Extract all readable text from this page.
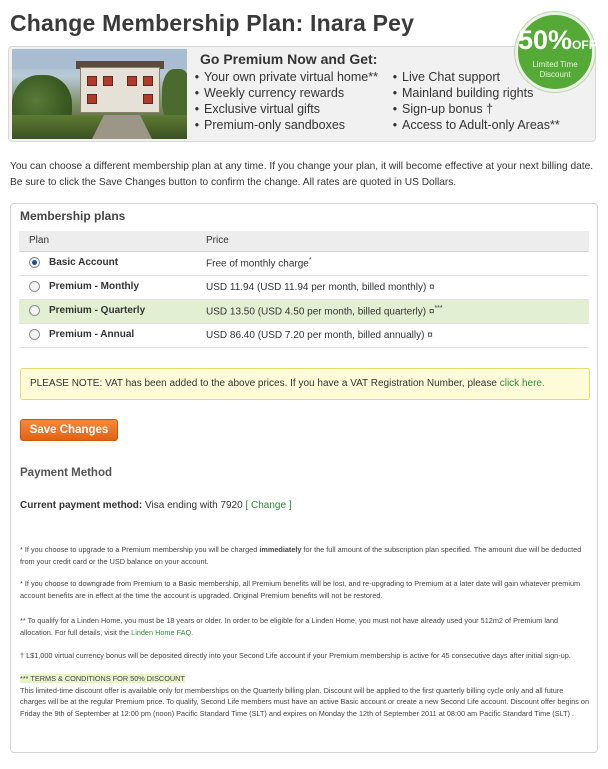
Change Membership Plan: Inara Pey
Go Premium Now and Get:
• Your own private virtual home**
• Weekly currency rewards
• Exclusive virtual gifts
• Premium-only sandboxes
• Live Chat support
• Mainland building rights
• Sign-up bonus †
• Access to Adult-only Areas**
50%OFF
Limited Time
Discount

You can choose a different membership plan at any time. If you change your plan, it will become effective at your next billing date. Be sure to click the Save Changes button to confirm the change. All rates are quoted in US Dollars.

Membership plans
Plan	Price
Basic Account	Free of monthly charge*
Premium - Monthly	USD 11.94 (USD 11.94 per month, billed monthly) ¤
Premium - Quarterly	USD 13.50 (USD 4.50 per month, billed quarterly) ¤***
Premium - Annual	USD 86.40 (USD 7.20 per month, billed annually) ¤
PLEASE NOTE: VAT has been added to the above prices. If you have a VAT Registration Number, please click here.
Save Changes
Payment Method
Current payment method: Visa ending with 7920 [ Change ]

* If you choose to upgrade to a Premium membership you will be charged immediately for the full amount of the subscription plan specified. The amount due will be deducted from your credit card or the USD balance on your account.

* If you choose to downgrade from Premium to a Basic membership, all Premium benefits will be lost, and re-upgrading to Premium at a later date will gain whatever premium account benefits are in effect at the time the account is upgraded. Original Premium benefits will not be restored.

** To qualify for a Linden Home, you must be 18 years or older. In order to be eligible for a Linden Home, you must not have already used your 512m2 of Premium land allocation. For full details, visit the Linden Home FAQ.

† L$1,000 virtual currency bonus will be deposited directly into your Second Life account if your Premium membership is active for 45 consecutive days after initial sign-up.

*** TERMS & CONDITIONS FOR 50% DISCOUNT
This limited-time discount offer is available only for memberships on the Quarterly billing plan. Discount will be applied to the first quarterly billing cycle only and all future charges will be at the regular Premium price. To qualify, Second Life members must have an active Basic account or create a new Second Life account. Discount offer begins on Friday the 9th of September at 12:00 pm (noon) Pacific Standard Time (SLT) and expires on Monday the 12th of September 2011 at 08:00 am Pacific Standard Time (SLT) .
